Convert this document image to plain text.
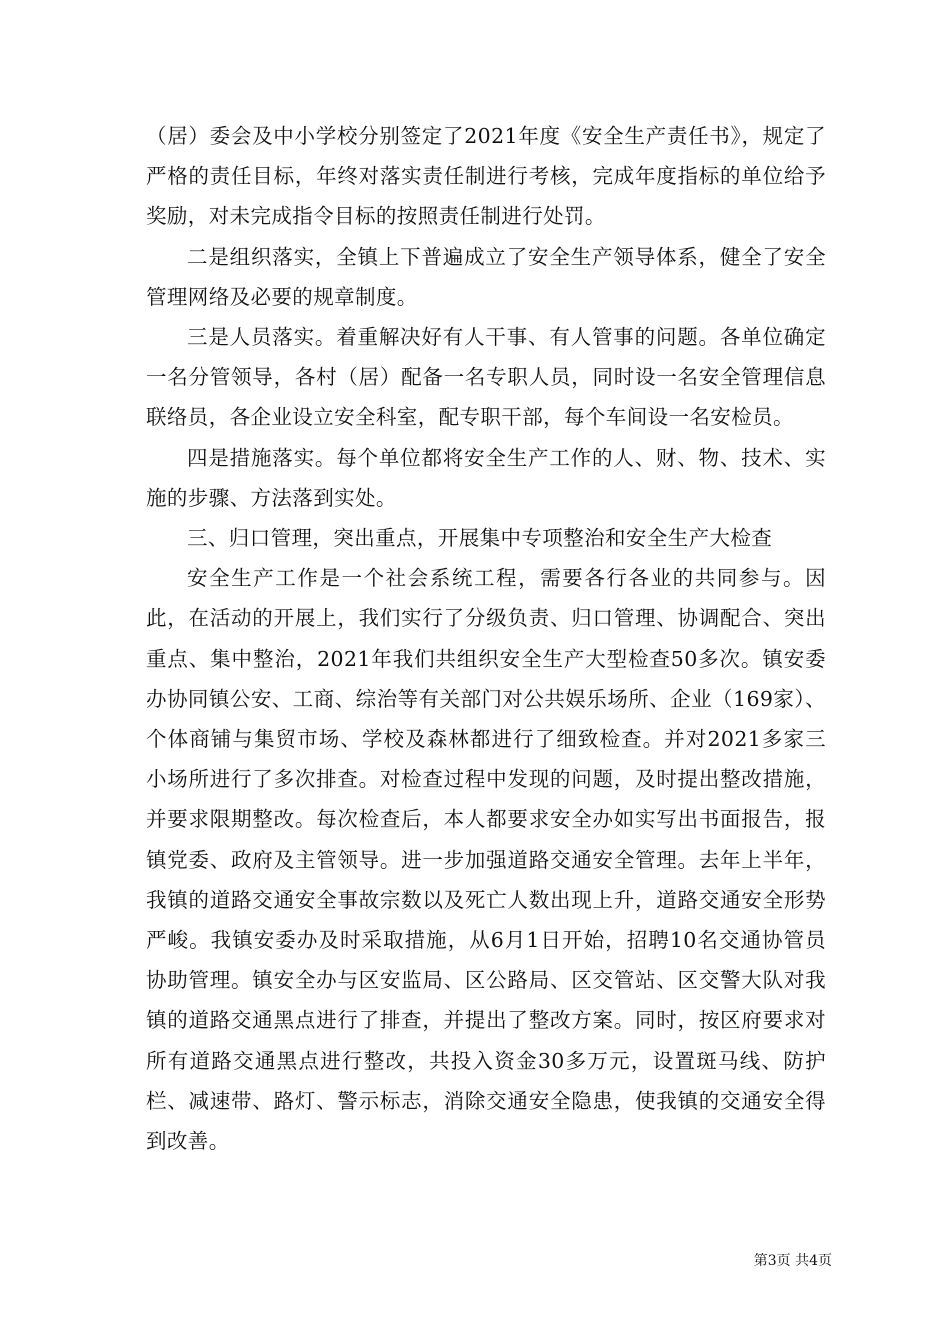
（居）委会及中小学校分别签定了2021年度《安全生产责任书》，规定了严格的责任目标，年终对落实责任制进行考核，完成年度指标的单位给予奖励，对未完成指令目标的按照责任制进行处罚。

二是组织落实，全镇上下普遍成立了安全生产领导体系，健全了安全管理网络及必要的规章制度。

三是人员落实。着重解决好有人干事、有人管事的问题。各单位确定一名分管领导，各村（居）配备一名专职人员，同时设一名安全管理信息联络员，各企业设立安全科室，配专职干部，每个车间设一名安检员。

四是措施落实。每个单位都将安全生产工作的人、财、物、技术、实施的步骤、方法落到实处。

三、归口管理，突出重点，开展集中专项整治和安全生产大检查

安全生产工作是一个社会系统工程，需要各行各业的共同参与。因此，在活动的开展上，我们实行了分级负责、归口管理、协调配合、突出重点、集中整治，2021年我们共组织安全生产大型检查50多次。镇安委办协同镇公安、工商、综治等有关部门对公共娱乐场所、企业（169家）、个体商铺与集贸市场、学校及森林都进行了细致检查。并对2021多家三小场所进行了多次排查。对检查过程中发现的问题，及时提出整改措施，并要求限期整改。每次检查后，本人都要求安全办如实写出书面报告，报镇党委、政府及主管领导。进一步加强道路交通安全管理。去年上半年，我镇的道路交通安全事故宗数以及死亡人数出现上升，道路交通安全形势严峻。我镇安委办及时采取措施，从6月1日开始，招聘10名交通协管员协助管理。镇安全办与区安监局、区公路局、区交管站、区交警大队对我镇的道路交通黑点进行了排查，并提出了整改方案。同时，按区府要求对所有道路交通黑点进行整改，共投入资金30多万元，设置斑马线、防护栏、减速带、路灯、警示标志，消除交通安全隐患，使我镇的交通安全得到改善。

第3页 共4页
